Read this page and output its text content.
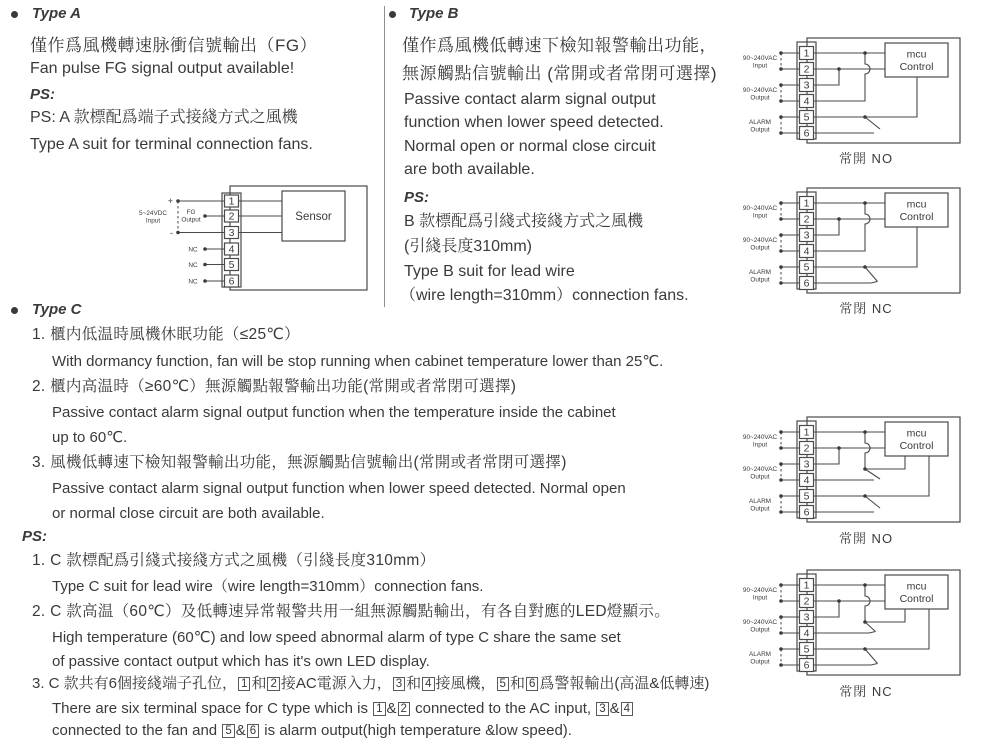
Type A
僅作爲風機轉速脉衝信號輸出（FG）
Fan pulse FG signal output available!
PS:
PS: A 款標配爲端子式接綫方式之風機
Type A suit for terminal connection fans.
1
2
3
4
5
6
Sensor
+
-
5~24VDC
Input
FG
Output
NC
NC
NC
Type B
僅作爲風機低轉速下檢知報警輸出功能，
無源觸點信號輸出 (常開或者常閉可選擇)
Passive contact alarm signal output
function when lower speed detected.
Normal open or normal close circuit
are both available.
PS:
B 款標配爲引綫式接綫方式之風機
(引綫長度310mm)
Type B suit for lead wire
（wire length=310mm）connection fans.
1
2
3
4
5
6
mcu
Control
90~240VAC
Input
90~240VAC
Output
ALARM
Output
常開 NO
1
2
3
4
5
6
mcu
Control
90~240VAC
Input
90~240VAC
Output
ALARM
Output
常閉 NC
Type C
1. 櫃内低温時風機休眠功能（≤25℃）
With dormancy function, fan will be stop running when cabinet temperature lower than 25℃.
2. 櫃内高温時（≥60℃）無源觸點報警輸出功能(常開或者常閉可選擇)
Passive contact alarm signal output function when the temperature inside the cabinet
up to 60℃.
3. 風機低轉速下檢知報警輸出功能，無源觸點信號輸出(常開或者常閉可選擇)
Passive contact alarm signal output function when lower speed detected. Normal open
or normal close circuit are both available.
PS:
1. C 款標配爲引綫式接綫方式之風機（引綫長度310mm）
Type C suit for lead wire（wire length=310mm）connection fans.
2. C 款高温（60℃）及低轉速异常報警共用一組無源觸點輸出，有各自對應的LED燈顯示。
High temperature (60℃) and low speed abnormal alarm of type C share the same set
of passive contact output which has it's own LED display.
3. C 款共有6個接綫端子孔位， 1 和 2 接AC電源入力， 3 和 4 接風機， 5 和 6 爲警報輸出(高温&低轉速)
There are six terminal space for C type which is 1 & 2 connected to the AC input, 3 & 4
connected to the fan and 5 & 6 is alarm output(high temperature &low speed).
1
2
3
4
5
6
mcu
Control
90~240VAC
Input
90~240VAC
Output
ALARM
Output
常開 NO
1
2
3
4
5
6
mcu
Control
90~240VAC
Input
90~240VAC
Output
ALARM
Output
常閉 NC
